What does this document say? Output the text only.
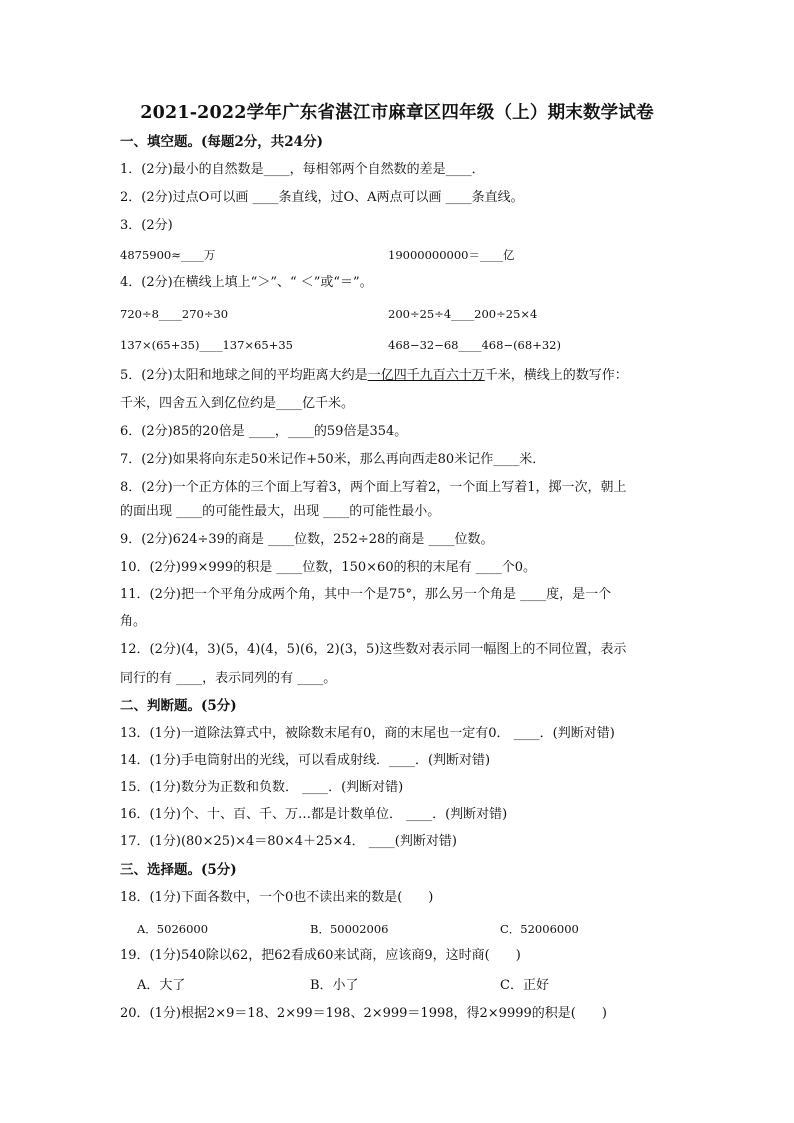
2021-2022学年广东省湛江市麻章区四年级（上）期末数学试卷
一、填空题。(每题2分，共24分)
1．(2分)最小的自然数是____，每相邻两个自然数的差是____．
2．(2分)过点O可以画 ____条直线，过O、A两点可以画 ____条直线。
3．(2分)
4875900≈____万	19000000000＝____亿
4．(2分)在横线上填上“＞”、“ ＜”或“＝”。
720÷8____270÷30	200÷25÷4____200÷25×4
137×(65+35)____137×65+35	468−32−68____468−(68+32)
5．(2分)太阳和地球之间的平均距离大约是一亿四千九百六十万千米，横线上的数写作：
千米，四舍五入到亿位约是____亿千米。
6．(2分)85的20倍是 ____，____的59倍是354。
7．(2分)如果将向东走50米记作+50米，那么再向西走80米记作____米．
8．(2分)一个正方体的三个面上写着3，两个面上写着2，一个面上写着1，掷一次，朝上
的面出现 ____的可能性最大，出现 ____的可能性最小。
9．(2分)624÷39的商是 ____位数，252÷28的商是 ____位数。
10．(2分)99×999的积是 ____位数，150×60的积的末尾有 ____个0。
11．(2分)把一个平角分成两个角，其中一个是75°，那么另一个角是 ____度，是一个
角。
12．(2分)(4，3)(5，4)(4，5)(6，2)(3，5)这些数对表示同一幅图上的不同位置，表示
同行的有 ____，表示同列的有 ____。
二、判断题。(5分)
13．(1分)一道除法算式中，被除数末尾有0，商的末尾也一定有0． ____．(判断对错)
14．(1分)手电筒射出的光线，可以看成射线．____．(判断对错)
15．(1分)数分为正数和负数． ____．(判断对错)
16．(1分)个、十、百、千、万…都是计数单位． ____．(判断对错)
17．(1分)(80×25)×4＝80×4＋25×4． ____(判断对错)
三、选择题。(5分)
18．(1分)下面各数中，一个0也不读出来的数是(　　)
A．5026000	B．50002006	C．52006000
19．(1分)540除以62，把62看成60来试商，应该商9，这时商(　　)
A．大了	B．小了	C．正好
20．(1分)根据2×9＝18、2×99＝198、2×999＝1998，得2×9999的积是(　　)
